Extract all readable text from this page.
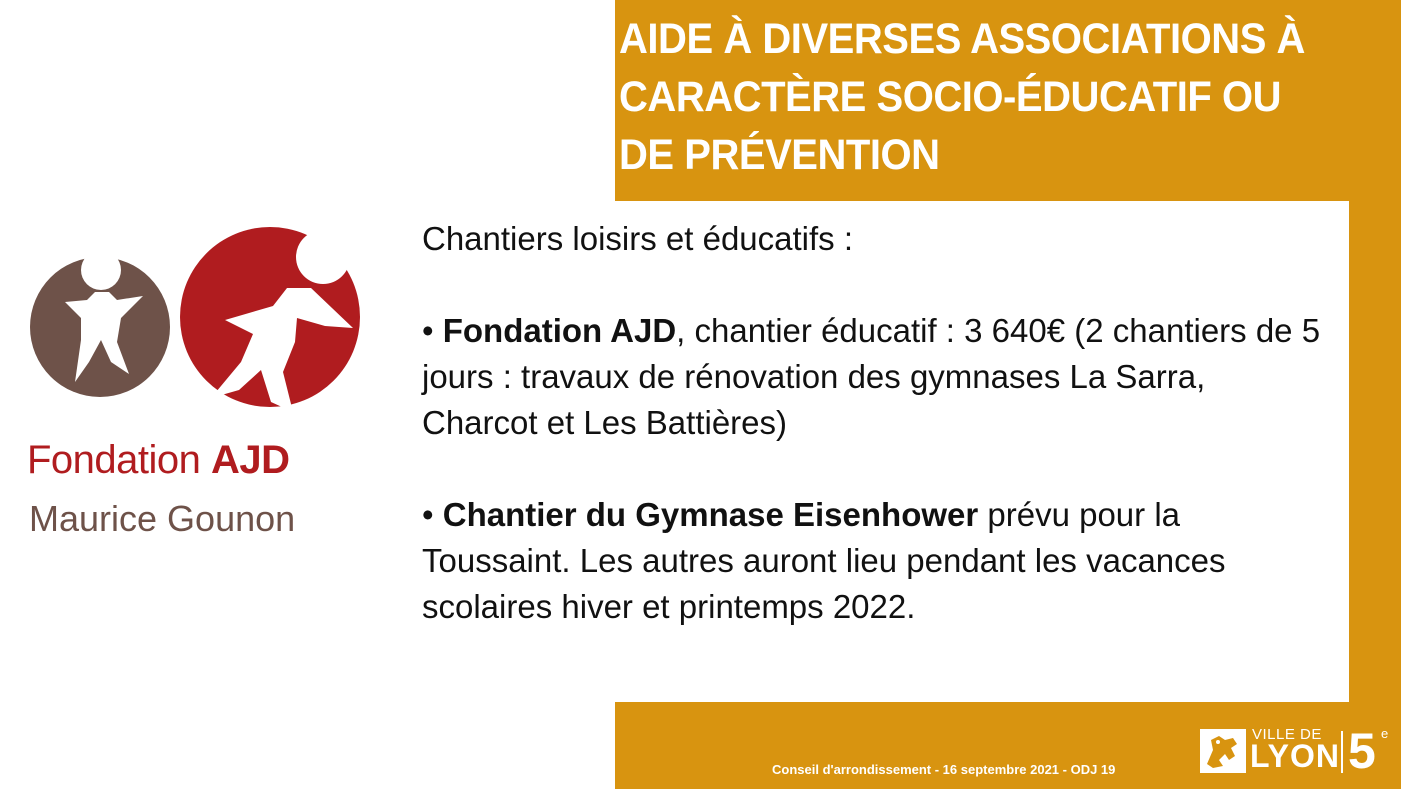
AIDE À DIVERSES ASSOCIATIONS À
CARACTÈRE SOCIO-ÉDUCATIF OU
DE PRÉVENTION
Fondation AJD
Maurice Gounon

Chantiers loisirs et éducatifs :

• Fondation AJD, chantier éducatif : 3 640€ (2 chantiers de 5 jours : travaux de rénovation des gymnases La Sarra, Charcot et Les Battières)

• Chantier du Gymnase Eisenhower prévu pour la Toussaint. Les autres auront lieu pendant les vacances scolaires hiver et printemps 2022.

Conseil d'arrondissement - 16 septembre 2021 - ODJ 19
VILLE DE
LYON 5 e
